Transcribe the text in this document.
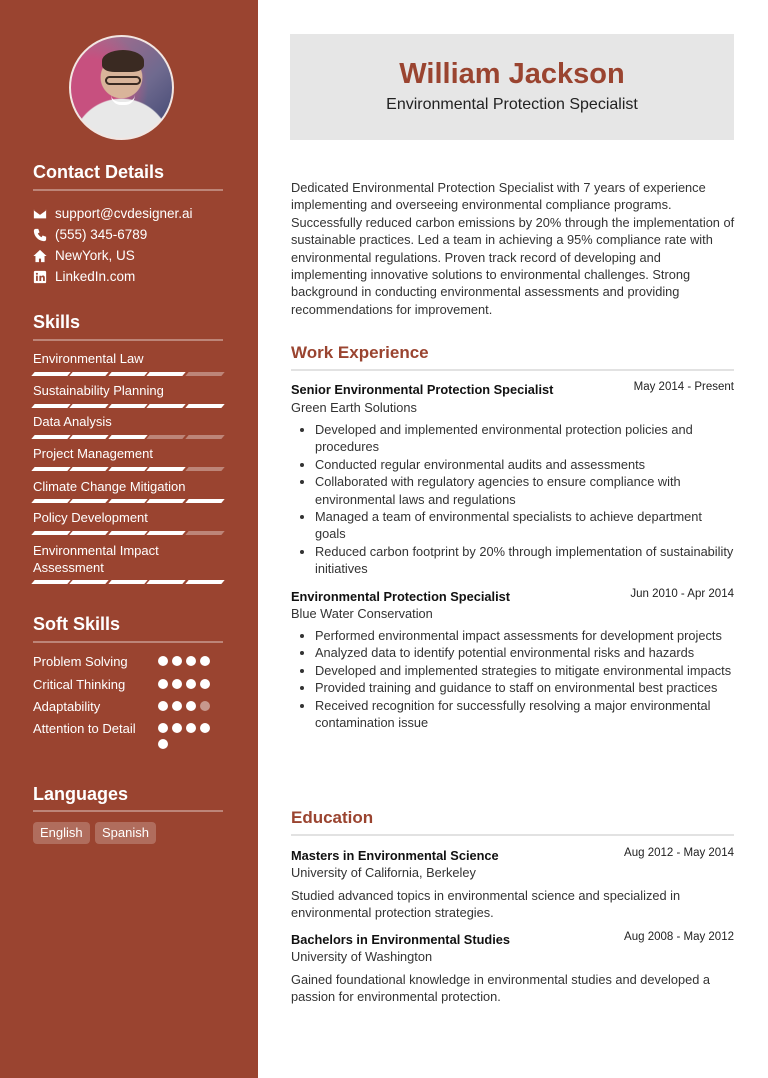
Contact Details
support@cvdesigner.ai
(555) 345-6789
NewYork, US
LinkedIn.com
Skills
Environmental Law
Sustainability Planning
Data Analysis
Project Management
Climate Change Mitigation
Policy Development
Environmental Impact Assessment
Soft Skills
Problem Solving
Critical Thinking
Adaptability
Attention to Detail
Languages
English	Spanish
William Jackson
Environmental Protection Specialist
Dedicated Environmental Protection Specialist with 7 years of experience implementing and overseeing environmental compliance programs. Successfully reduced carbon emissions by 20% through the implementation of sustainable practices. Led a team in achieving a 95% compliance rate with environmental regulations. Proven track record of developing and implementing innovative solutions to environmental challenges. Strong background in conducting environmental assessments and providing recommendations for improvement.
Work Experience
Senior Environmental Protection Specialist	May 2014 - Present
Green Earth Solutions
Developed and implemented environmental protection policies and procedures
Conducted regular environmental audits and assessments
Collaborated with regulatory agencies to ensure compliance with environmental laws and regulations
Managed a team of environmental specialists to achieve department goals
Reduced carbon footprint by 20% through implementation of sustainability initiatives
Environmental Protection Specialist	Jun 2010 - Apr 2014
Blue Water Conservation
Performed environmental impact assessments for development projects
Analyzed data to identify potential environmental risks and hazards
Developed and implemented strategies to mitigate environmental impacts
Provided training and guidance to staff on environmental best practices
Received recognition for successfully resolving a major environmental contamination issue
Education
Masters in Environmental Science	Aug 2012 - May 2014
University of California, Berkeley
Studied advanced topics in environmental science and specialized in environmental protection strategies.
Bachelors in Environmental Studies	Aug 2008 - May 2012
University of Washington
Gained foundational knowledge in environmental studies and developed a passion for environmental protection.
